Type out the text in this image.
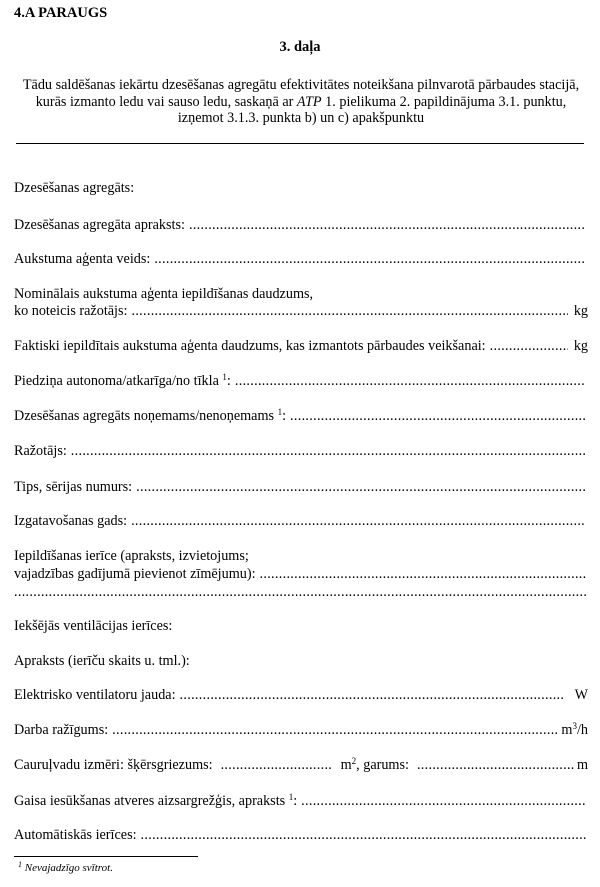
4.A PARAUGS
3. daļa
Tādu saldēšanas iekārtu dzesēšanas agregātu efektivitātes noteikšana pilnvarotā pārbaudes stacijā, kurās izmanto ledu vai sauso ledu, saskaņā ar ATP 1. pielikuma 2. papildinājuma 3.1. punktu, izņemot 3.1.3. punkta b) un c) apakšpunktu
Dzesēšanas agregāts:
Dzesēšanas agregāta apraksts:
.....
Aukstuma aģenta veids:
.....
Nominālais aukstuma aģenta iepildīšanas daudzums,
ko noteicis ražotājs: .....	kg
Faktiski iepildītais aukstuma aģenta daudzums, kas izmantots pārbaudes veikšanai: .....	kg
Piedziņa autonoma/atkarīga/no tīkla $^1$:
.....
Dzesēšanas agregāts noņemams/nenoņemams $^1$:
.....
Ražotājs:
.....
Tips, sērijas numurs:
.....
Izgatavošanas gads:
.....
Iepildīšanas ierīce (apraksts, izvietojums;
vajadzības gadījumā pievienot zīmējumu):
.....
.....
Iekšējās ventilācijas ierīces:
Apraksts (ierīču skaits u. tml.):
Elektrisko ventilatoru jauda: .....	W
Darba ražīgums: .....	$m^3/h$
Cauruļvadu izmēri: šķērsgriezums: .....	$m^2$, garums: .....	m
Gaisa iesūkšanas atveres aizsargrežģis, apraksts $^1$:
.....
Automātiskās ierīces:
.....
$^1$ Nevajadzīgo svītrot.
